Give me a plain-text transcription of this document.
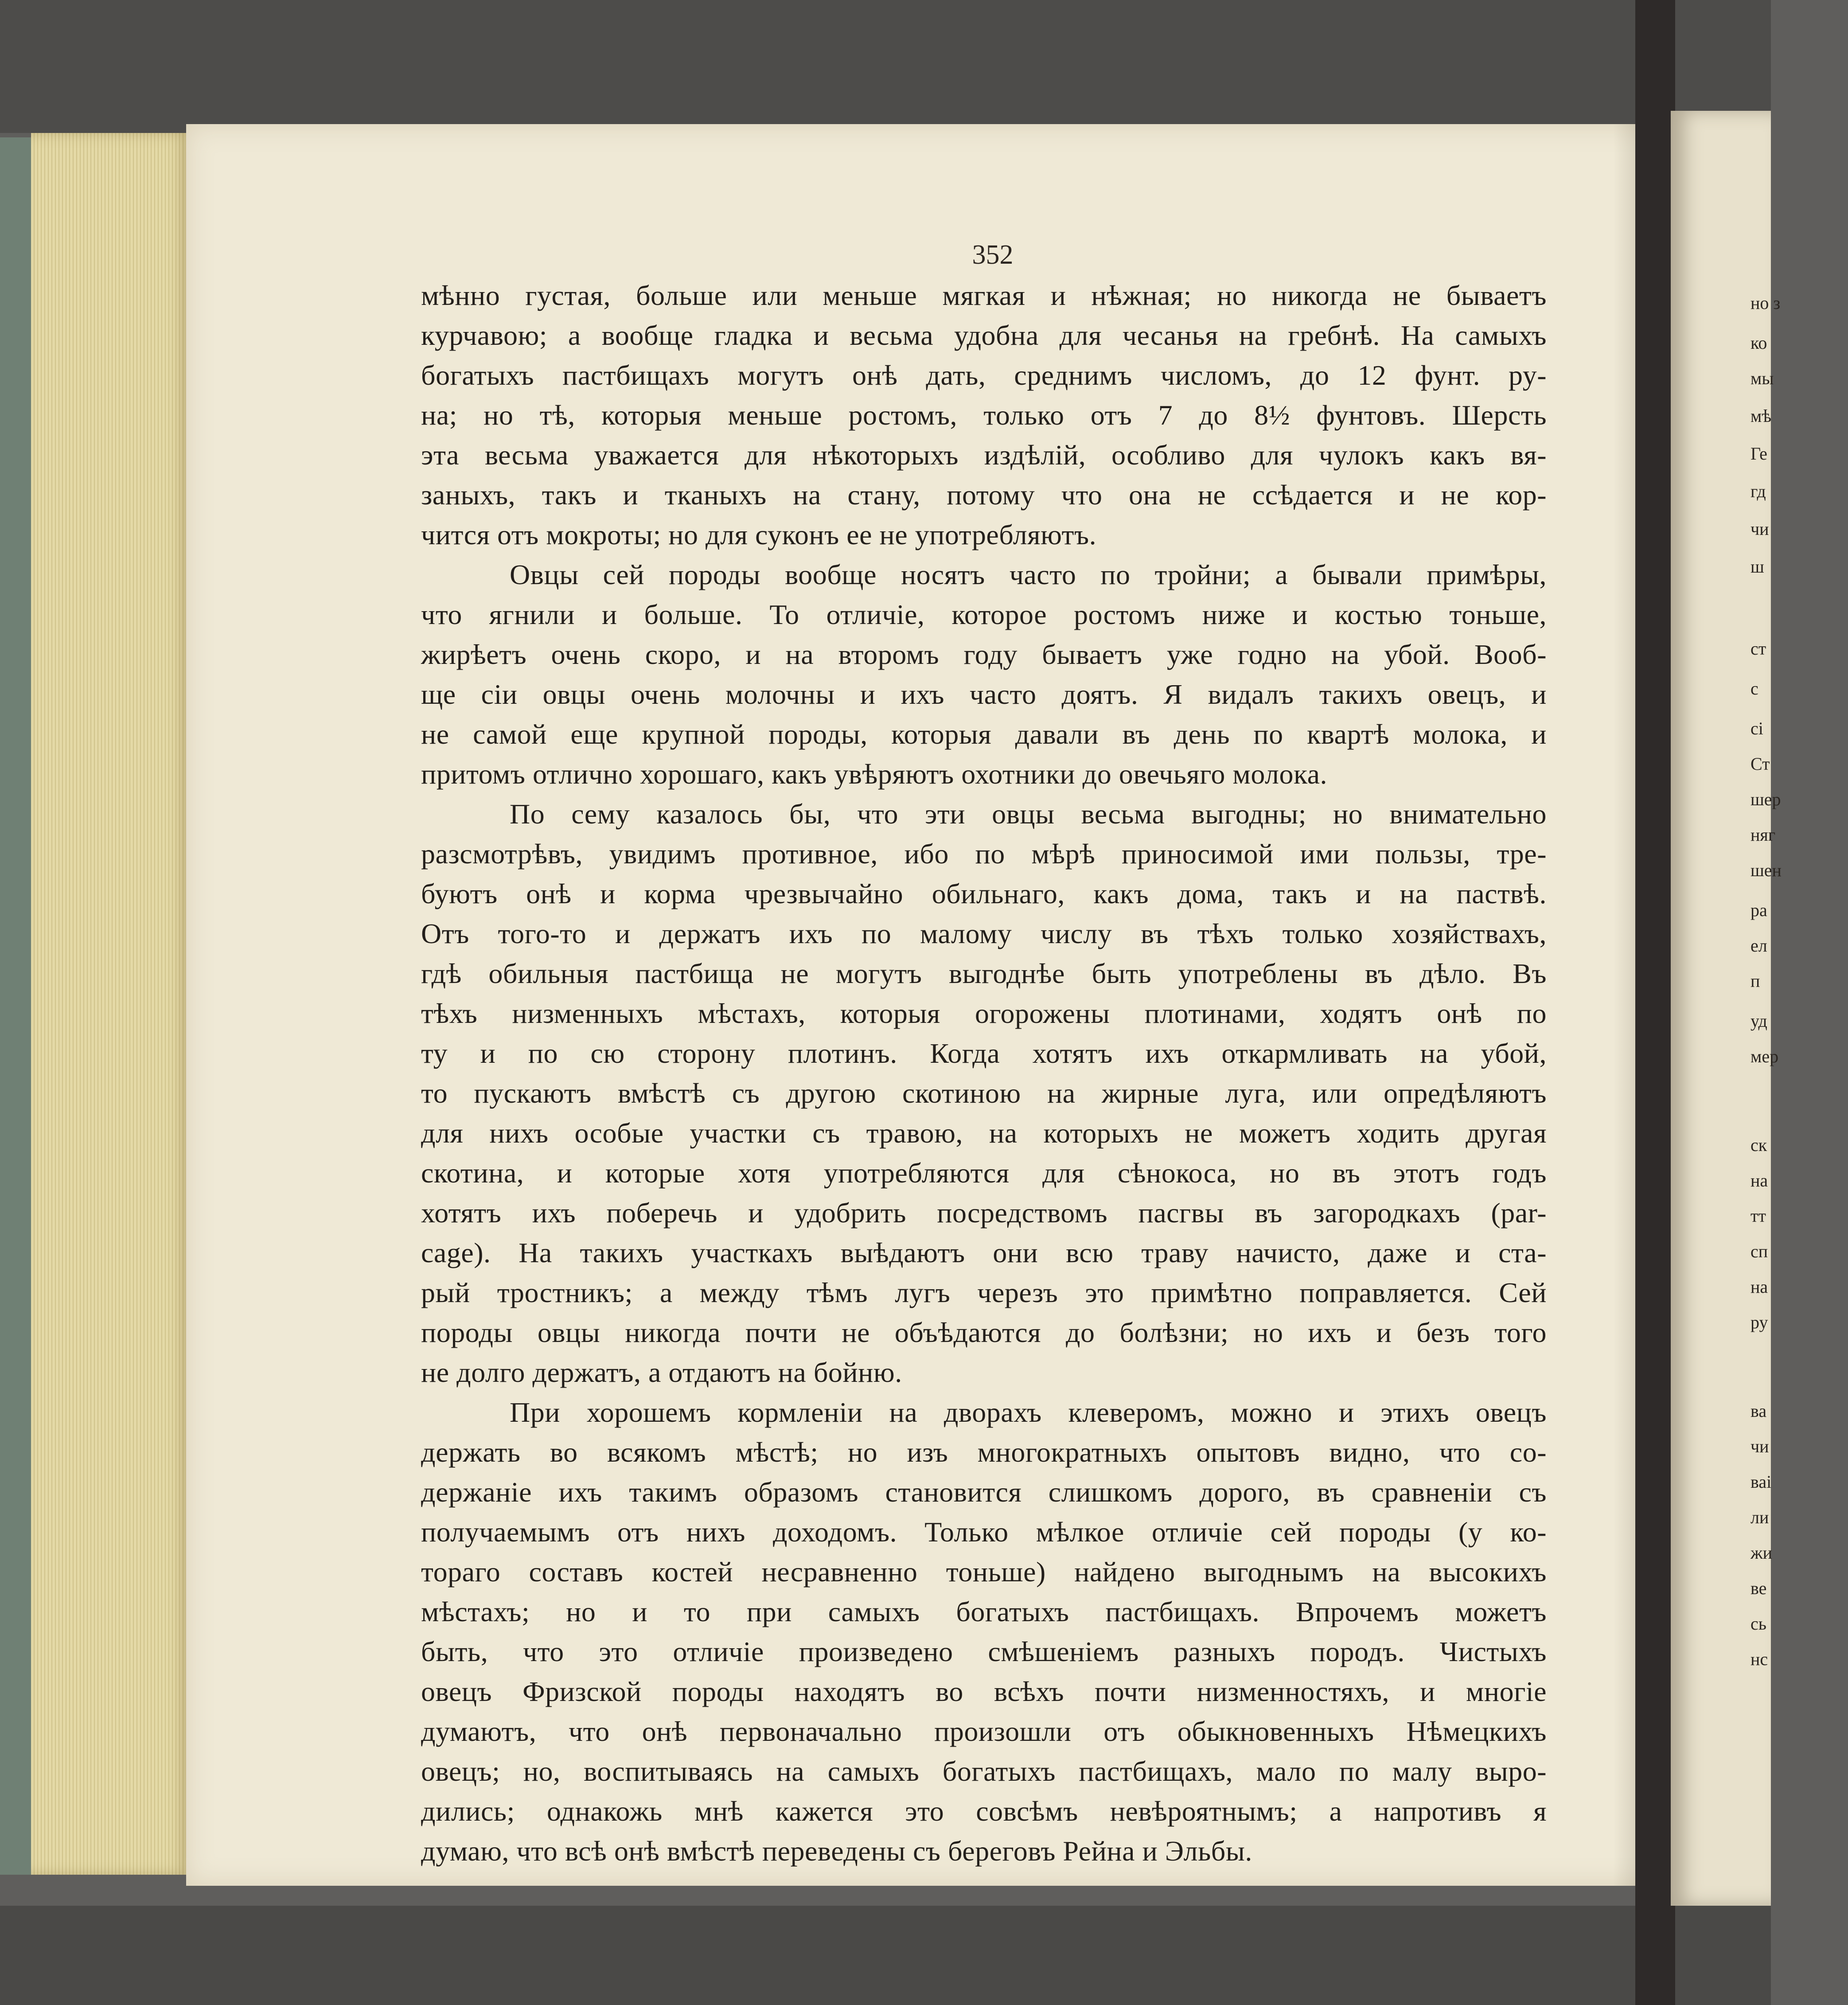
но з
ко
мы
мѣ
Ге
гд
чи
ш
ст
с
сі
Ст
шер
няг
шен
ра
ел
п
уд
мер
ск
на
тт
сп
на
ру
ва
чи
ваі
ли
жи
ве
сь
нс
352
мѣнно густая, больше или меньше мягкая и нѣжная; но никогда не бываетъ
курчавою; а вообще гладка и весьма удобна для чесанья на гребнѣ. На самыхъ
богатыхъ пастбищахъ могутъ онѣ дать, среднимъ числомъ, до 12 фунт. ру-
на; но тѣ, которыя меньше ростомъ, только отъ 7 до 8½ фунтовъ. Шерсть
эта весьма уважается для нѣкоторыхъ издѣлій, особливо для чулокъ какъ вя-
заныхъ, такъ и тканыхъ на стану, потому что она не ссѣдается и не кор-
чится отъ мокроты; но для суконъ ее не употребляютъ.
Овцы сей породы вообще носятъ часто по тройни; а бывали примѣры,
что ягнили и больше. То отличіе, которое ростомъ ниже и костью тоньше,
жирѣетъ очень скоро, и на второмъ году бываетъ уже годно на убой. Вооб-
ще сіи овцы очень молочны и ихъ часто доятъ. Я видалъ такихъ овецъ, и
не самой еще крупной породы, которыя давали въ день по квартѣ молока, и
притомъ отлично хорошаго, какъ увѣряютъ охотники до овечьяго молока.
По сему казалось бы, что эти овцы весьма выгодны; но внимательно
разсмотрѣвъ, увидимъ противное, ибо по мѣрѣ приносимой ими пользы, тре-
буютъ онѣ и корма чрезвычайно обильнаго, какъ дома, такъ и на паствѣ.
Отъ того-то и держатъ ихъ по малому числу въ тѣхъ только хозяйствахъ,
гдѣ обильныя пастбища не могутъ выгоднѣе быть употреблены въ дѣло. Въ
тѣхъ низменныхъ мѣстахъ, которыя огорожены плотинами, ходятъ онѣ по
ту и по сю сторону плотинъ. Когда хотятъ ихъ откармливать на убой,
то пускаютъ вмѣстѣ съ другою скотиною на жирные луга, или опредѣляютъ
для нихъ особые участки съ травою, на которыхъ не можетъ ходить другая
скотина, и которые хотя употребляются для сѣнокоса, но въ этотъ годъ
хотятъ ихъ поберечь и удобрить посредствомъ пасгвы въ загородкахъ (par-
cage). На такихъ участкахъ выѣдаютъ они всю траву начисто, даже и ста-
рый тростникъ; а между тѣмъ лугъ черезъ это примѣтно поправляется. Сей
породы овцы никогда почти не объѣдаются до болѣзни; но ихъ и безъ того
не долго держатъ, а отдаютъ на бойню.
При хорошемъ кормленіи на дворахъ клеверомъ, можно и этихъ овецъ
держать во всякомъ мѣстѣ; но изъ многократныхъ опытовъ видно, что со-
держаніе ихъ такимъ образомъ становится слишкомъ дорого, въ сравненіи съ
получаемымъ отъ нихъ доходомъ. Только мѣлкое отличіе сей породы (у ко-
тораго составъ костей несравненно тоньше) найдено выгоднымъ на высокихъ
мѣстахъ; но и то при самыхъ богатыхъ пастбищахъ. Впрочемъ можетъ
быть, что это отличіе произведено смѣшеніемъ разныхъ породъ. Чистыхъ
овецъ Фризской породы находятъ во всѣхъ почти низменностяхъ, и многіе
думаютъ, что онѣ первоначально произошли отъ обыкновенныхъ Нѣмецкихъ
овецъ; но, воспитываясь на самыхъ богатыхъ пастбищахъ, мало по малу выро-
дились; однакожь мнѣ кажется это совсѣмъ невѣроятнымъ; а напротивъ я
думаю, что всѣ онѣ вмѣстѣ переведены съ береговъ Рейна и Эльбы.
